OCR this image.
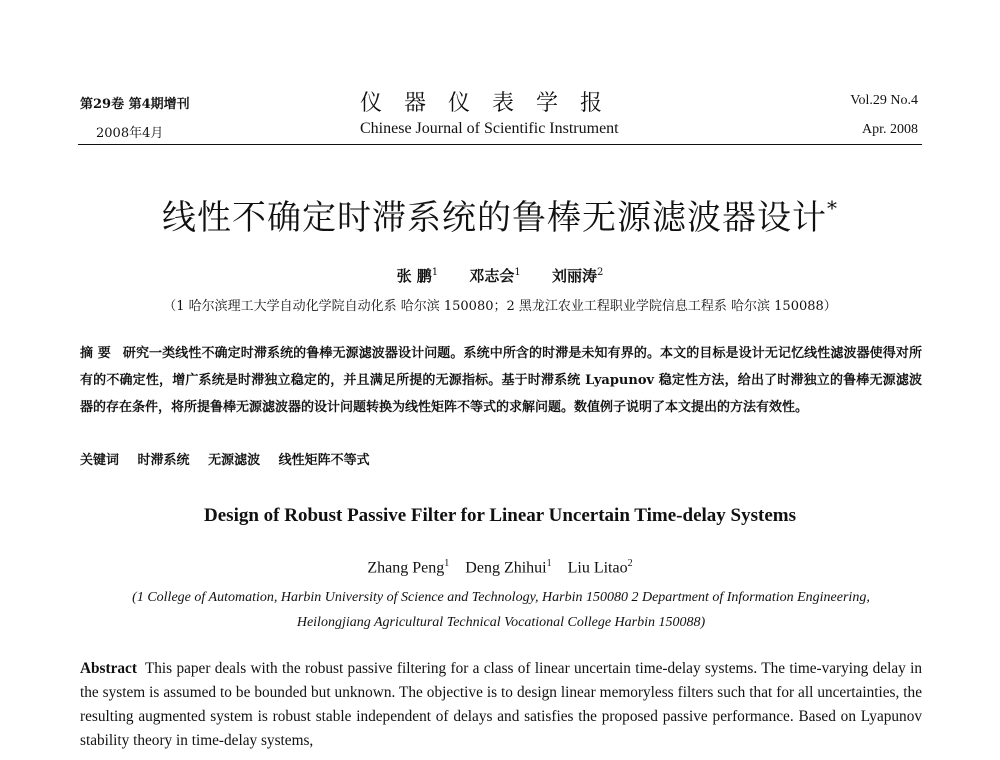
第29卷 第4期增刊
2008年4月
仪器仪表学报
Chinese Journal of Scientific Instrument
Vol.29 No.4
Apr. 2008
线性不确定时滞系统的鲁棒无源滤波器设计*
张 鹏$^1$ 邓志会$^1$ 刘丽涛$^2$
（1 哈尔滨理工大学自动化学院自动化系 哈尔滨 150080；2 黑龙江农业工程职业学院信息工程系 哈尔滨 150088）
摘 要 研究一类线性不确定时滞系统的鲁棒无源滤波器设计问题。系统中所含的时滞是未知有界的。本文的目标是设计无记忆线性滤波器使得对所有的不确定性，增广系统是时滞独立稳定的，并且满足所提的无源指标。基于时滞系统 Lyapunov 稳定性方法，给出了时滞独立的鲁棒无源滤波器的存在条件，将所提鲁棒无源滤波器的设计问题转换为线性矩阵不等式的求解问题。数值例子说明了本文提出的方法有效性。
关键词 时滞系统 无源滤波 线性矩阵不等式
Design of Robust Passive Filter for Linear Uncertain Time-delay Systems
Zhang Peng$^1$ Deng Zhihui$^1$ Liu Litao$^2$
(1 College of Automation, Harbin University of Science and Technology, Harbin 150080 2 Department of Information Engineering,
Heilongjiang Agricultural Technical Vocational College Harbin 150088)
Abstract This paper deals with the robust passive filtering for a class of linear uncertain time-delay systems. The time-varying delay in the system is assumed to be bounded but unknown. The objective is to design linear memoryless filters such that for all uncertainties, the resulting augmented system is robust stable independent of delays and satisfies the proposed passive performance. Based on Lyapunov stability theory in time-delay systems,
